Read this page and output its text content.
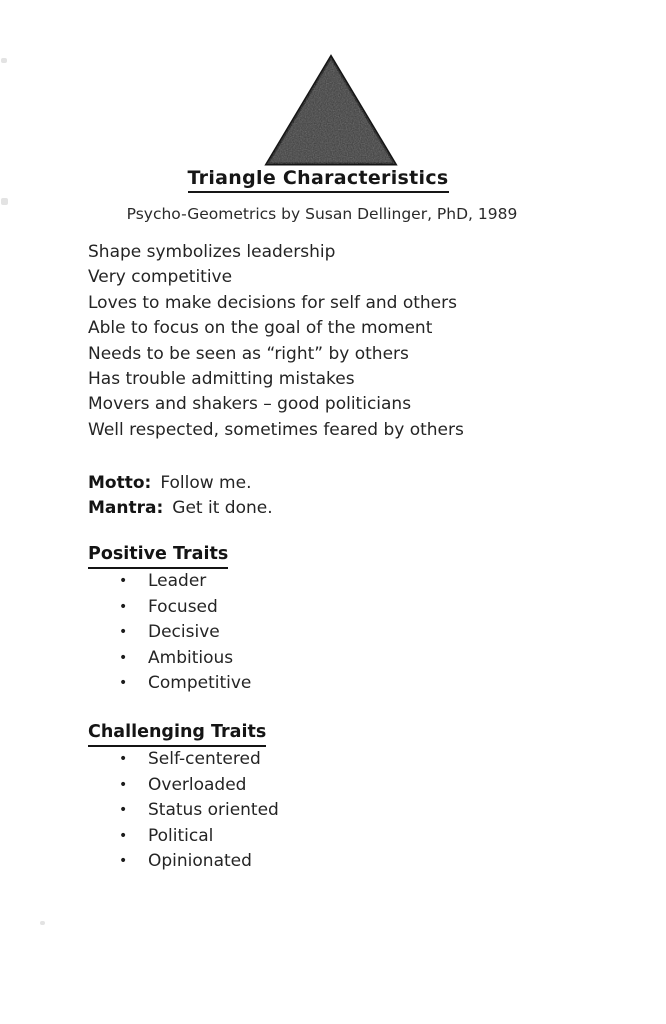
Triangle Characteristics
Psycho-Geometrics by Susan Dellinger, PhD, 1989
Shape symbolizes leadership
Very competitive
Loves to make decisions for self and others
Able to focus on the goal of the moment
Needs to be seen as “right” by others
Has trouble admitting mistakes
Movers and shakers – good politicians
Well respected, sometimes feared by others
Motto: Follow me.
Mantra: Get it done.
Positive Traits
• Leader
• Focused
• Decisive
• Ambitious
• Competitive
Challenging Traits
• Self-centered
• Overloaded
• Status oriented
• Political
• Opinionated
